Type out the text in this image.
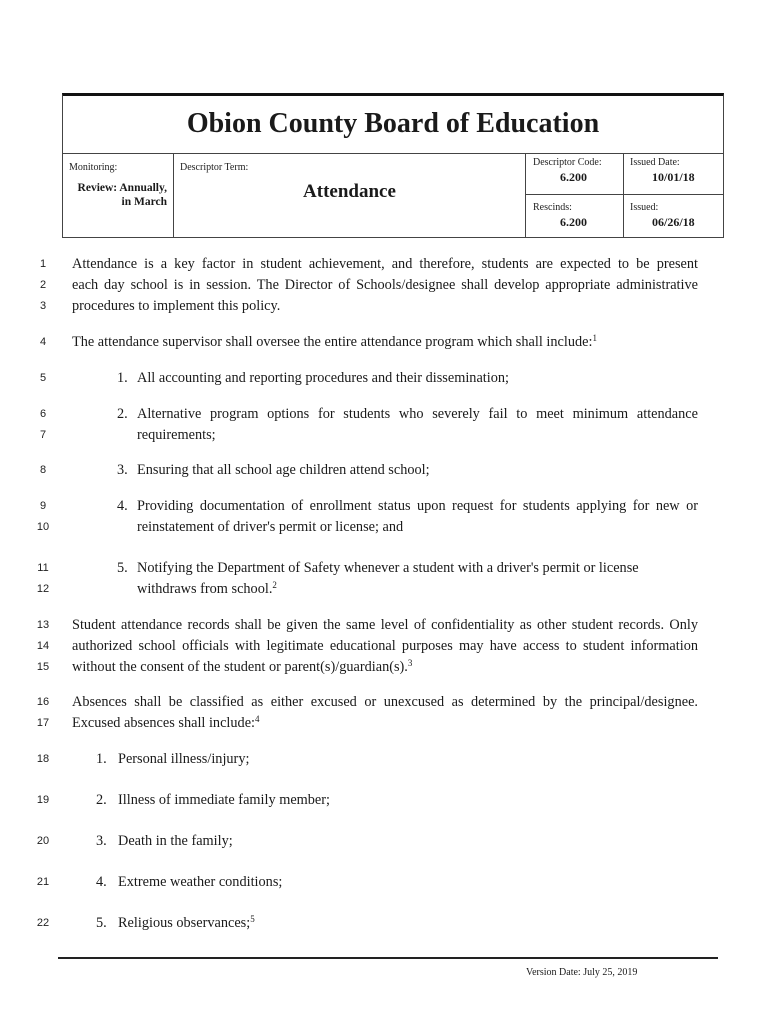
Obion County Board of Education
Monitoring:
Review: Annually,
in March
Descriptor Term:
Attendance
Descriptor Code:
6.200
Issued Date:
10/01/18
Rescinds:
6.200
Issued:
06/26/18
1
2
3
4
5
6
7
8
9
10
11
12
13
14
15
16
17
18
19
20
21
22
Attendance is a key factor in student achievement, and therefore, students are expected to be present
each day school is in session. The Director of Schools/designee shall develop appropriate administrative
procedures to implement this policy.
The attendance supervisor shall oversee the entire attendance program which shall include:$^1$
1. All accounting and reporting procedures and their dissemination;
2. Alternative program options for students who severely fail to meet minimum attendance
requirements;
3. Ensuring that all school age children attend school;
4. Providing documentation of enrollment status upon request for students applying for new or
reinstatement of driver's permit or license; and
5. Notifying the Department of Safety whenever a student with a driver's permit or license
withdraws from school.$^2$
Student attendance records shall be given the same level of confidentiality as other student records. Only
authorized school officials with legitimate educational purposes may have access to student information
without the consent of the student or parent(s)/guardian(s).$^3$
Absences shall be classified as either excused or unexcused as determined by the principal/designee.
Excused absences shall include:$^4$
1. Personal illness/injury;
2. Illness of immediate family member;
3. Death in the family;
4. Extreme weather conditions;
5. Religious observances;$^5$
Version Date: July 25, 2019
